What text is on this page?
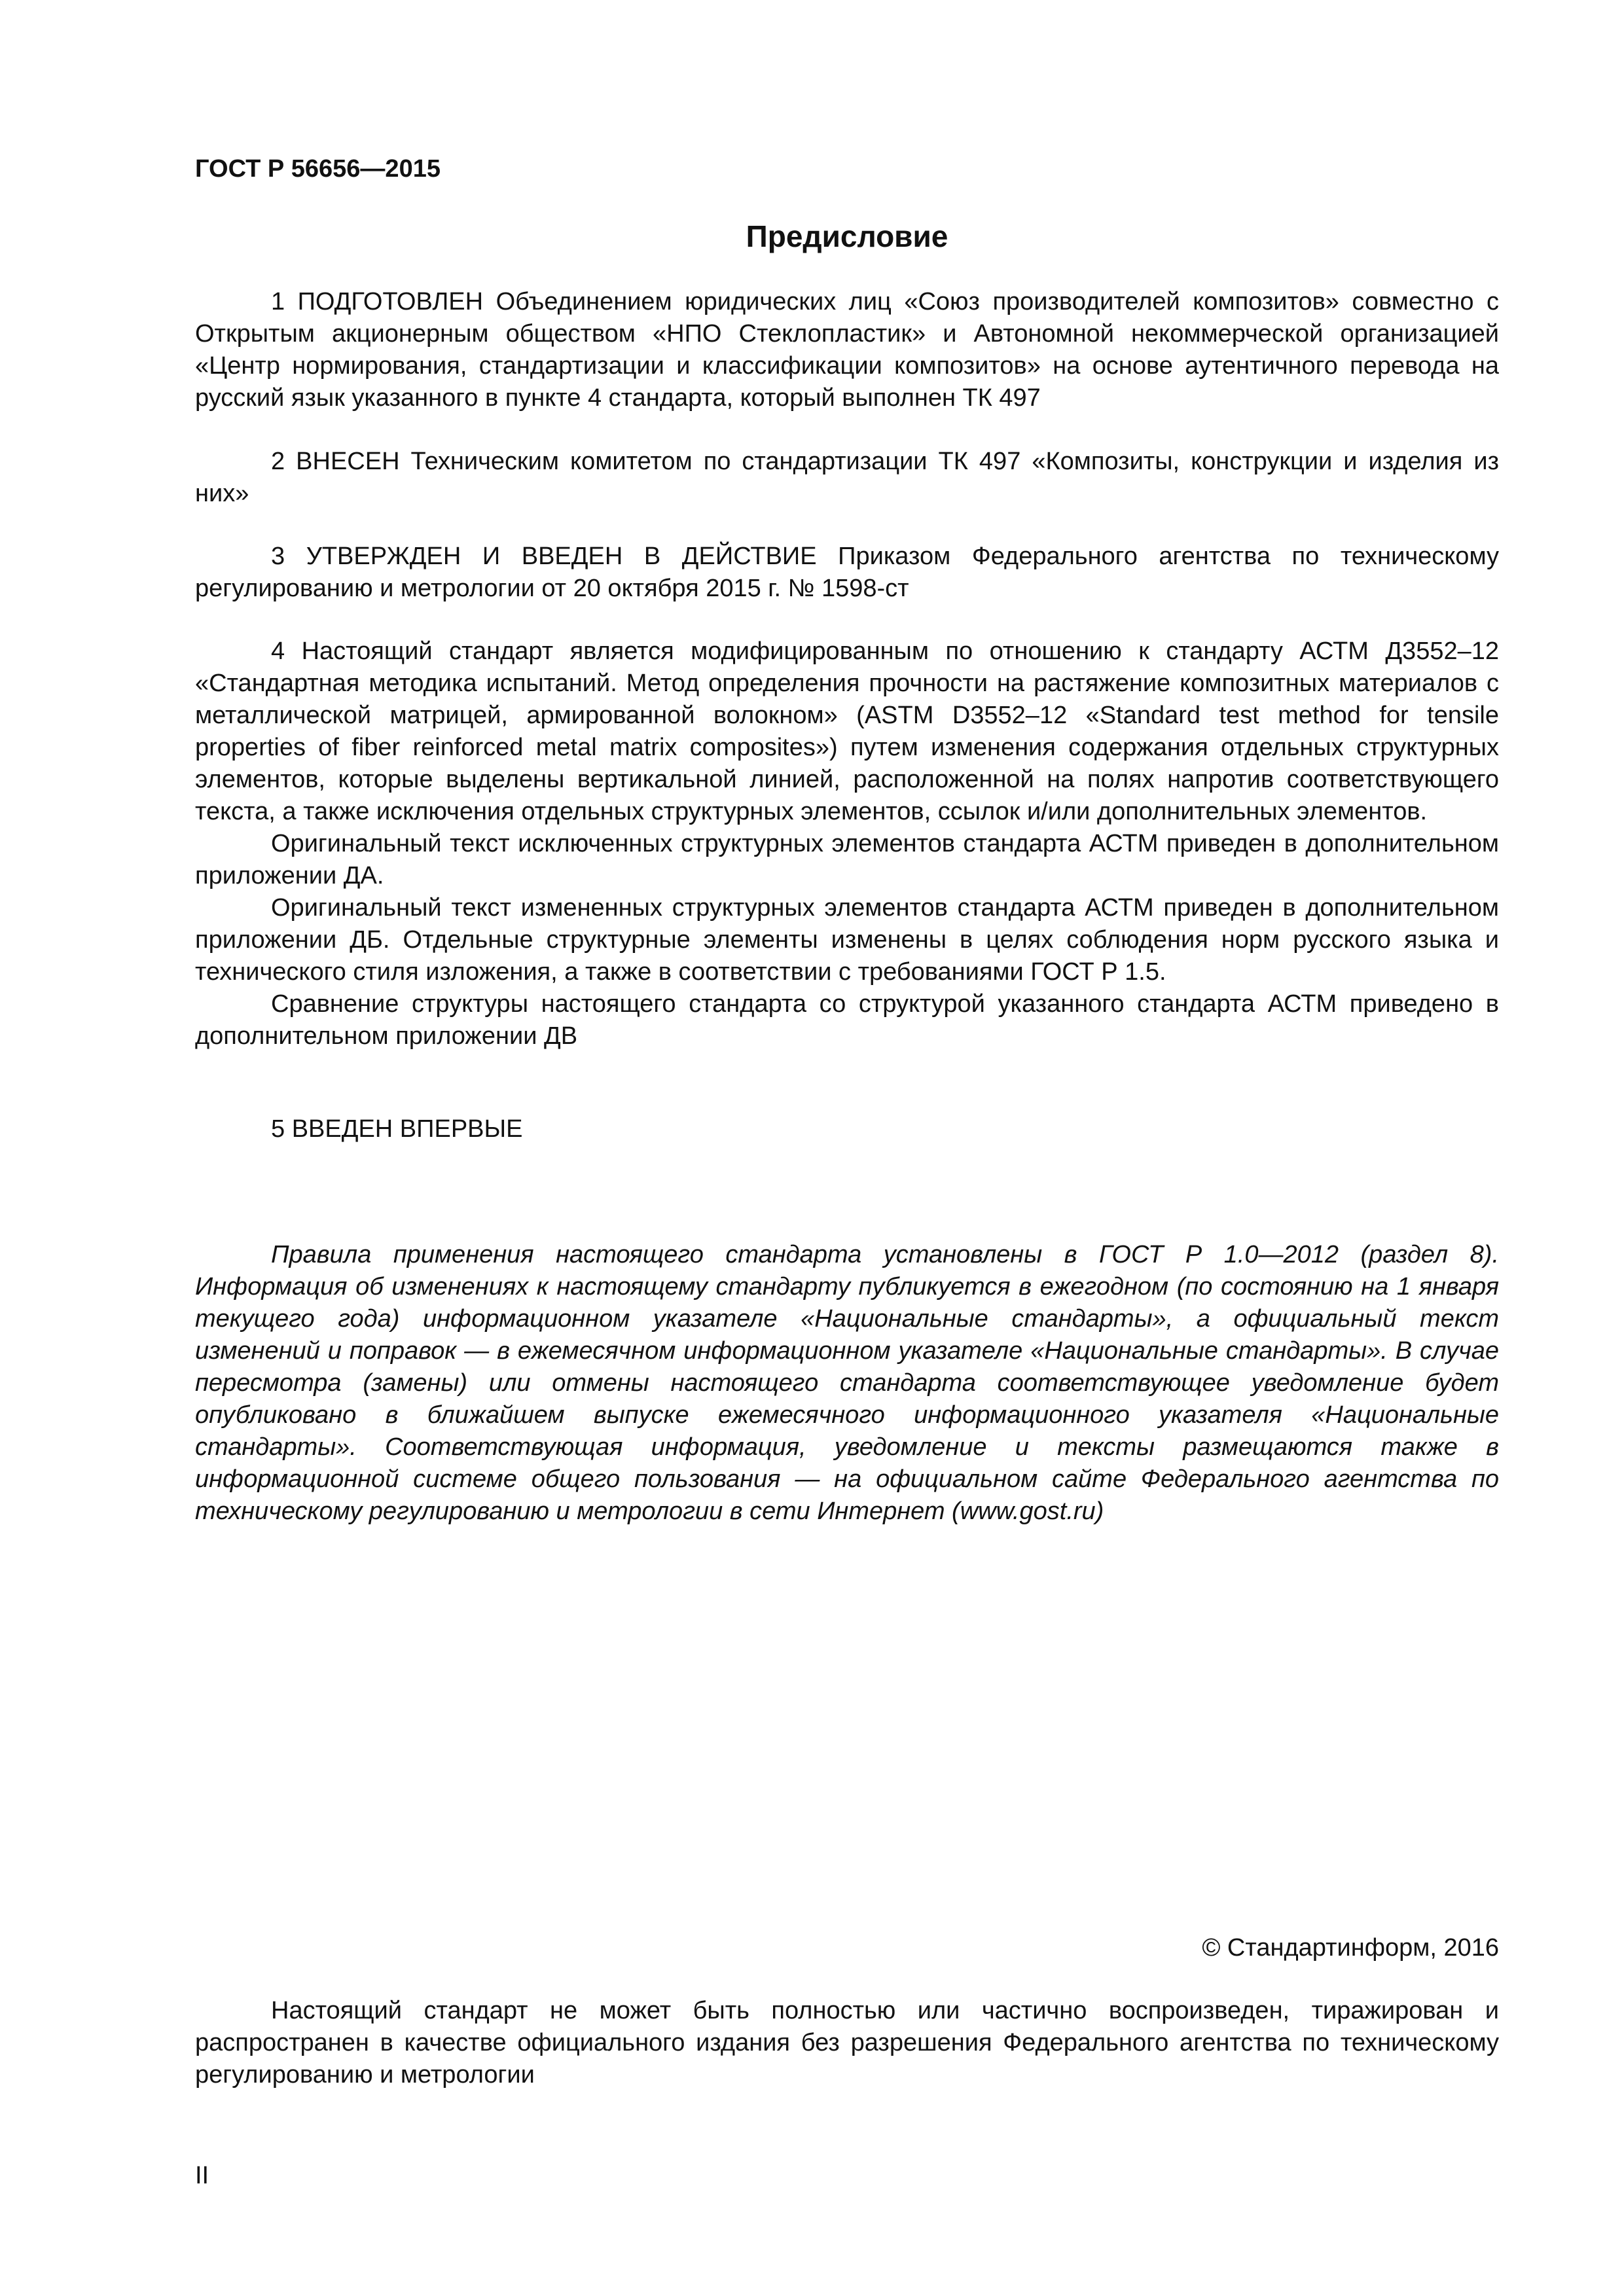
ГОСТ Р 56656—2015
Предисловие

1 ПОДГОТОВЛЕН Объединением юридических лиц «Союз производителей композитов» совместно с Открытым акционерным обществом «НПО Стеклопластик» и Автономной некоммерческой организацией «Центр нормирования, стандартизации и классификации композитов» на основе аутентичного перевода на русский язык указанного в пункте 4 стандарта, который выполнен ТК 497

2 ВНЕСЕН Техническим комитетом по стандартизации ТК 497 «Композиты, конструкции и изделия из них»

3 УТВЕРЖДЕН И ВВЕДЕН В ДЕЙСТВИЕ Приказом Федерального агентства по техническому регулированию и метрологии от 20 октября 2015 г. № 1598-ст

4 Настоящий стандарт является модифицированным по отношению к стандарту АСТМ Д3552–12 «Стандартная методика испытаний. Метод определения прочности на растяжение композитных материалов с металлической матрицей, армированной волокном» (ASTM D3552–12 «Standard test method for tensile properties of fiber reinforced metal matrix composites») путем изменения содержания отдельных структурных элементов, которые выделены вертикальной линией, расположенной на полях напротив соответствующего текста, а также исключения отдельных структурных элементов, ссылок и/или дополнительных элементов.

Оригинальный текст исключенных структурных элементов стандарта АСТМ приведен в дополнительном приложении ДА.

Оригинальный текст измененных структурных элементов стандарта АСТМ приведен в дополнительном приложении ДБ. Отдельные структурные элементы изменены в целях соблюдения норм русского языка и технического стиля изложения, а также в соответствии с требованиями ГОСТ Р 1.5.

Сравнение структуры настоящего стандарта со структурой указанного стандарта АСТМ приведено в дополнительном приложении ДВ

5 ВВЕДЕН ВПЕРВЫЕ

Правила применения настоящего стандарта установлены в ГОСТ Р 1.0—2012 (раздел 8). Информация об изменениях к настоящему стандарту публикуется в ежегодном (по состоянию на 1 января текущего года) информационном указателе «Национальные стандарты», а официальный текст изменений и поправок — в ежемесячном информационном указателе «Национальные стандарты». В случае пересмотра (замены) или отмены настоящего стандарта соответствующее уведомление будет опубликовано в ближайшем выпуске ежемесячного информационного указателя «Национальные стандарты». Соответствующая информация, уведомление и тексты размещаются также в информационной системе общего пользования — на официальном сайте Федерального агентства по техническому регулированию и метрологии в сети Интернет (www.gost.ru)

© Стандартинформ, 2016

Настоящий стандарт не может быть полностью или частично воспроизведен, тиражирован и распространен в качестве официального издания без разрешения Федерального агентства по техническому регулированию и метрологии

II
